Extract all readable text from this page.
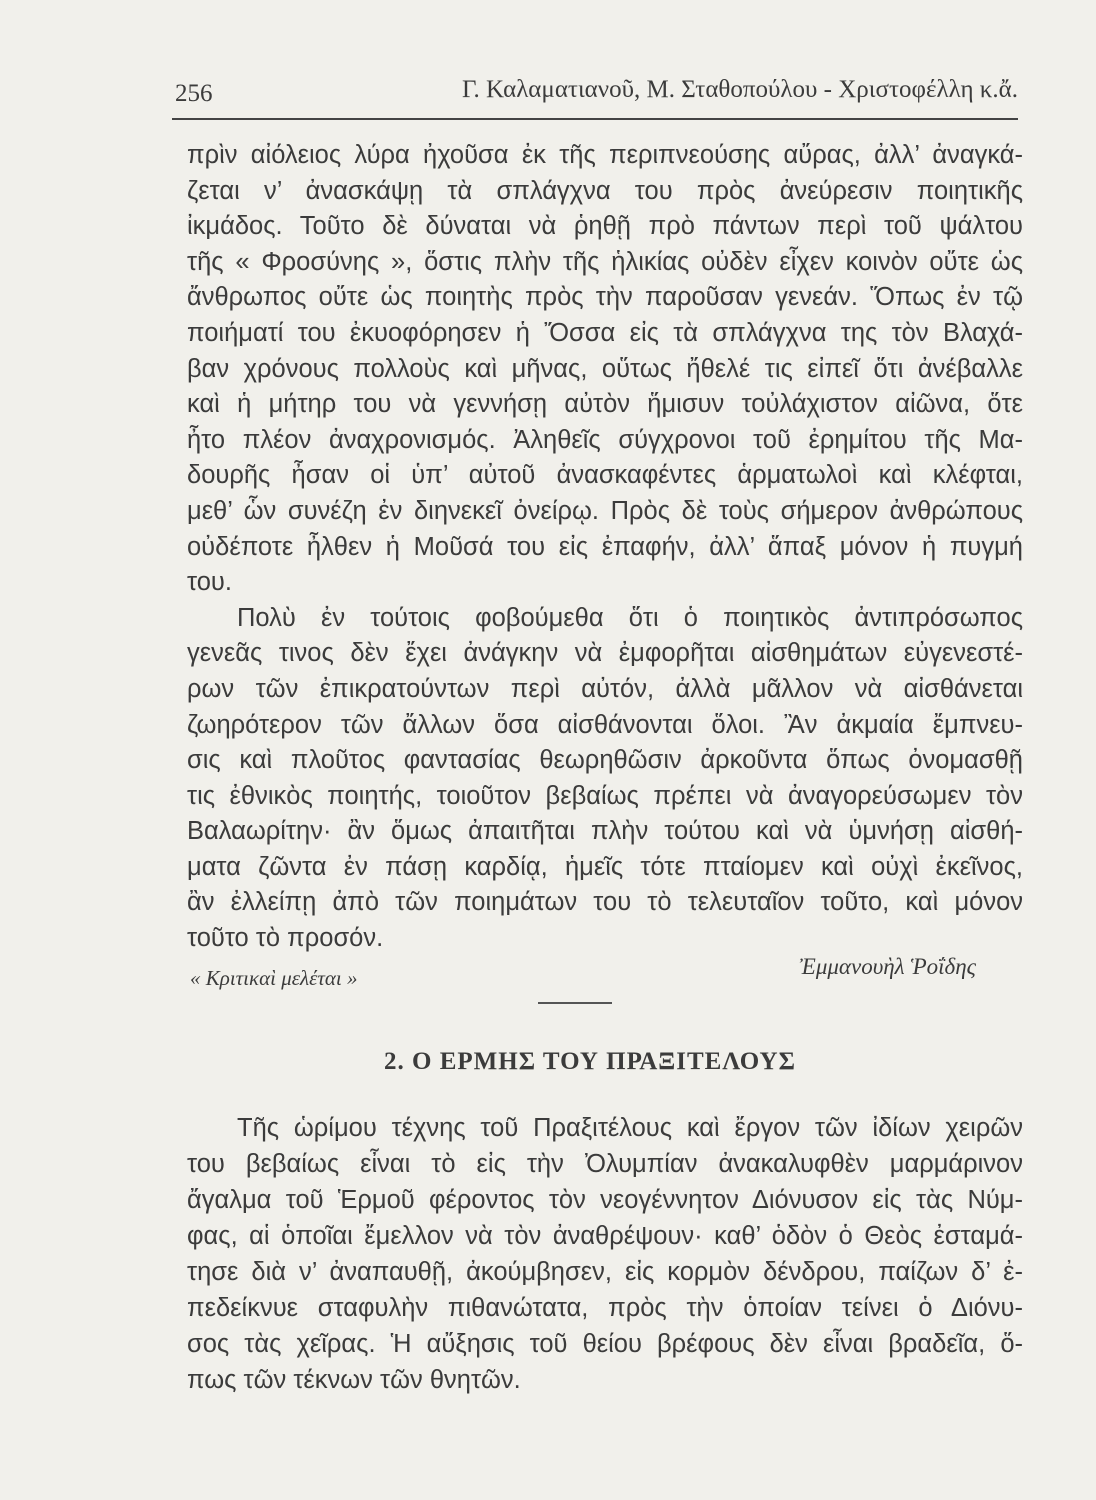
256	Γ. Καλαματιανοῦ, Μ. Σταθοπούλου - Χριστοφέλλη κ.ἄ.
πρὶν αἰόλειος λύρα ἠχοῦσα ἐκ τῆς περιπνεούσης αὔρας, ἀλλ’ ἀναγκά-
ζεται ν’ ἀνασκάψῃ τὰ σπλάγχνα του πρὸς ἀνεύρεσιν ποιητικῆς
ἰκμάδος. Τοῦτο δὲ δύναται νὰ ῥηθῇ πρὸ πάντων περὶ τοῦ ψάλτου
τῆς « Φροσύνης », ὅστις πλὴν τῆς ἡλικίας οὐδὲν εἶχεν κοινὸν οὔτε ὡς
ἄνθρωπος οὔτε ὡς ποιητὴς πρὸς τὴν παροῦσαν γενεάν. Ὅπως ἐν τῷ
ποιήματί του ἐκυοφόρησεν ἡ Ὄσσα εἰς τὰ σπλάγχνα της τὸν Βλαχά-
βαν χρόνους πολλοὺς καὶ μῆνας, οὕτως ἤθελέ τις εἰπεῖ ὅτι ἀνέβαλλε
καὶ ἡ μήτηρ του νὰ γεννήσῃ αὐτὸν ἥμισυν τοὐλάχιστον αἰῶνα, ὅτε
ἦτο πλέον ἀναχρονισμός. Ἀληθεῖς σύγχρονοι τοῦ ἐρημίτου τῆς Μα-
δουρῆς ἦσαν οἱ ὑπ’ αὐτοῦ ἀνασκαφέντες ἁρματωλοὶ καὶ κλέφται,
μεθ’ ὧν συνέζη ἐν διηνεκεῖ ὀνείρῳ. Πρὸς δὲ τοὺς σήμερον ἀνθρώπους
οὐδέποτε ἦλθεν ἡ Μοῦσά του εἰς ἐπαφήν, ἀλλ’ ἅπαξ μόνον ἡ πυγμή
του.
Πολὺ ἐν τούτοις φοβούμεθα ὅτι ὁ ποιητικὸς ἀντιπρόσωπος
γενεᾶς τινος δὲν ἔχει ἀνάγκην νὰ ἐμφορῆται αἰσθημάτων εὐγενεστέ-
ρων τῶν ἐπικρατούντων περὶ αὐτόν, ἀλλὰ μᾶλλον νὰ αἰσθάνεται
ζωηρότερον τῶν ἄλλων ὅσα αἰσθάνονται ὅλοι. Ἂν ἀκμαία ἔμπνευ-
σις καὶ πλοῦτος φαντασίας θεωρηθῶσιν ἀρκοῦντα ὅπως ὀνομασθῇ
τις ἐθνικὸς ποιητής, τοιοῦτον βεβαίως πρέπει νὰ ἀναγορεύσωμεν τὸν
Βαλαωρίτην· ἂν ὅμως ἀπαιτῆται πλὴν τούτου καὶ νὰ ὑμνήσῃ αἰσθή-
ματα ζῶντα ἐν πάσῃ καρδίᾳ, ἡμεῖς τότε πταίομεν καὶ οὐχὶ ἐκεῖνος,
ἂν ἐλλείπῃ ἀπὸ τῶν ποιημάτων του τὸ τελευταῖον τοῦτο, καὶ μόνον
τοῦτο τὸ προσόν.
« Κριτικαὶ μελέται »	Ἐμμανουὴλ Ῥοΐδης
2. Ο ΕΡΜΗΣ ΤΟΥ ΠΡΑΞΙΤΕΛΟΥΣ
Τῆς ὡρίμου τέχνης τοῦ Πραξιτέλους καὶ ἔργον τῶν ἰδίων χειρῶν
του βεβαίως εἶναι τὸ εἰς τὴν Ὀλυμπίαν ἀνακαλυφθὲν μαρμάρινον
ἄγαλμα τοῦ Ἑρμοῦ φέροντος τὸν νεογέννητον Διόνυσον εἰς τὰς Νύμ-
φας, αἱ ὁποῖαι ἔμελλον νὰ τὸν ἀναθρέψουν· καθ’ ὁδὸν ὁ Θεὸς ἐσταμά-
τησε διὰ ν’ ἀναπαυθῇ, ἀκούμβησεν, εἰς κορμὸν δένδρου, παίζων δ’ ἐ-
πεδείκνυε σταφυλὴν πιθανώτατα, πρὸς τὴν ὁποίαν τείνει ὁ Διόνυ-
σος τὰς χεῖρας. Ἡ αὔξησις τοῦ θείου βρέφους δὲν εἶναι βραδεῖα, ὅ-
πως τῶν τέκνων τῶν θνητῶν.
